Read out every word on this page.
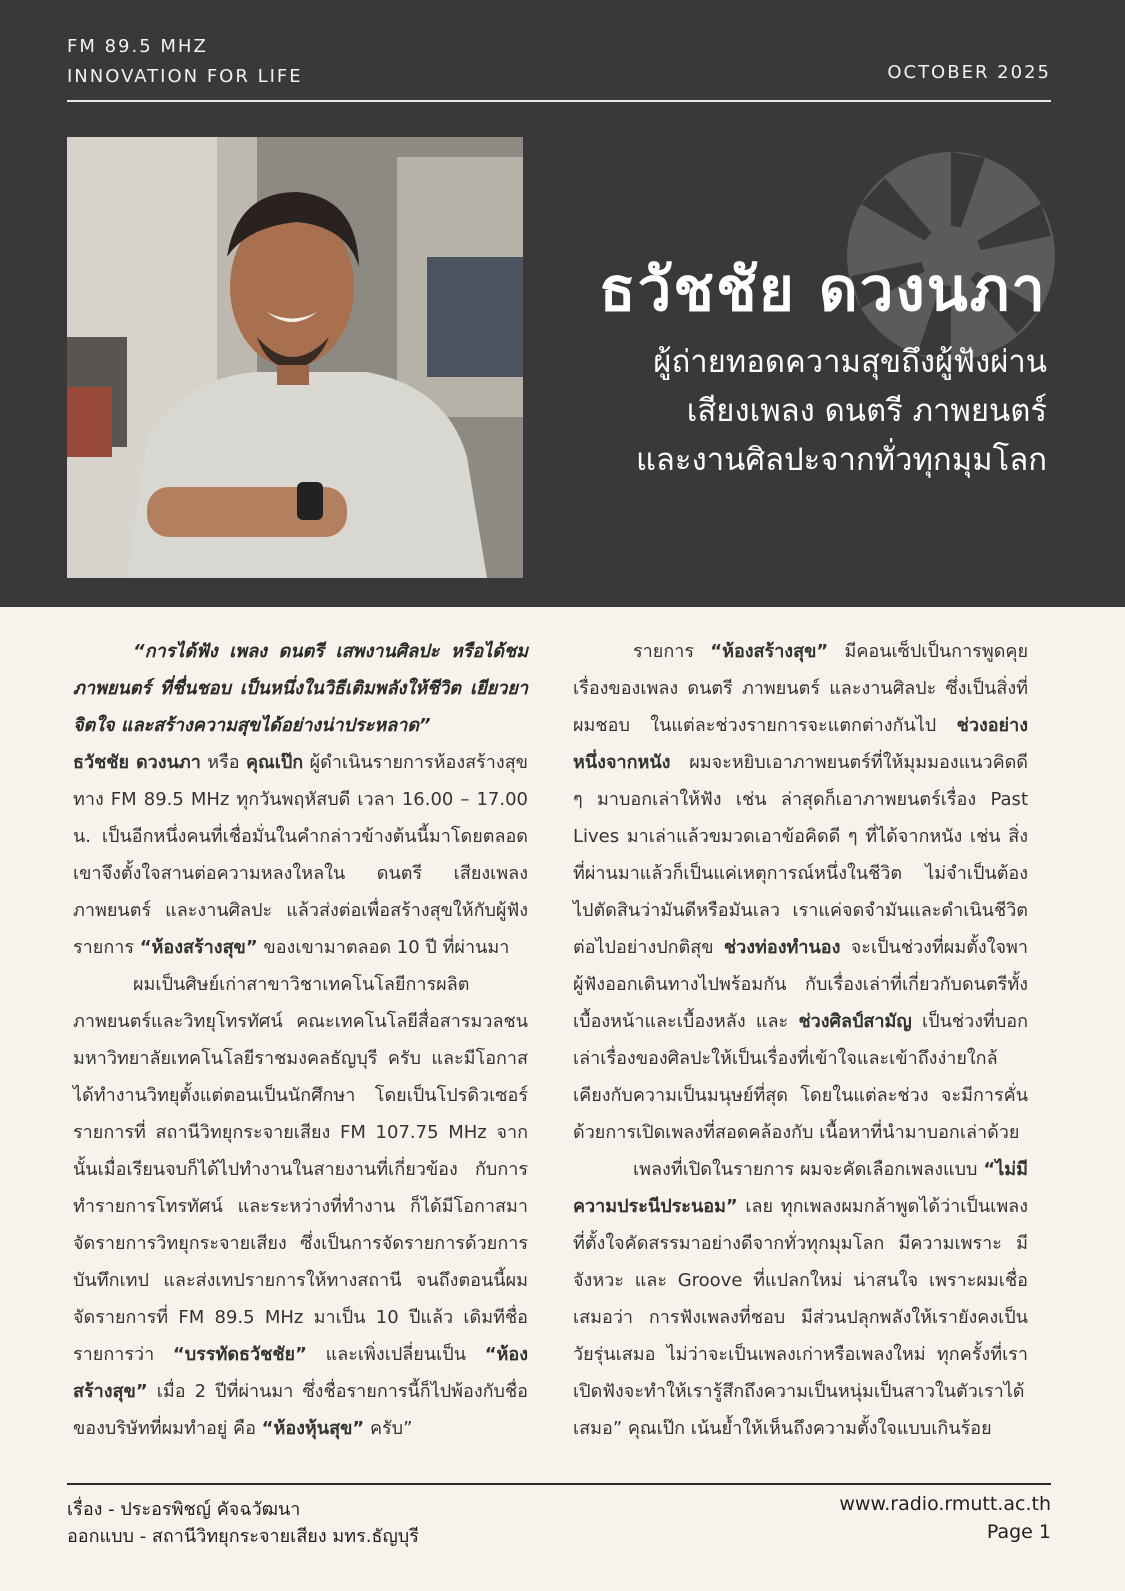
FM 89.5 MHZ
INNOVATION FOR LIFE	OCTOBER 2025
ธวัชชัย ดวงนภา
ผู้ถ่ายทอดความสุขถึงผู้ฟังผ่าน
เสียงเพลง ดนตรี ภาพยนตร์
และงานศิลปะจากทั่วทุกมุมโลก

“การได้ฟัง เพลง ดนตรี เสพงานศิลปะ หรือได้ชมภาพยนตร์ ที่ชื่นชอบ เป็นหนึ่งในวิธีเติมพลังให้ชีวิต เยียวยาจิตใจ และสร้างความสุขได้อย่างน่าประหลาด”

ธวัชชัย ดวงนภา หรือ คุณเป๊ก ผู้ดำเนินรายการห้องสร้างสุข ทาง FM 89.5 MHz ทุกวันพฤหัสบดี เวลา 16.00 – 17.00 น. เป็นอีกหนึ่งคนที่เชื่อมั่นในคำกล่าวข้างต้นนี้มาโดยตลอด เขาจึงตั้งใจสานต่อความหลงใหลใน ดนตรี เสียงเพลง ภาพยนตร์ และงานศิลปะ แล้วส่งต่อเพื่อสร้างสุขให้กับผู้ฟังรายการ “ห้องสร้างสุข” ของเขามาตลอด 10 ปี ที่ผ่านมา

ผมเป็นศิษย์เก่าสาขาวิชาเทคโนโลยีการผลิตภาพยนตร์และวิทยุโทรทัศน์ คณะเทคโนโลยีสื่อสารมวลชน มหาวิทยาลัยเทคโนโลยีราชมงคลธัญบุรี ครับ และมีโอกาสได้ทำงานวิทยุตั้งแต่ตอนเป็นนักศึกษา โดยเป็นโปรดิวเซอร์รายการที่ สถานีวิทยุกระจายเสียง FM 107.75 MHz จากนั้นเมื่อเรียนจบก็ได้ไปทำงานในสายงานที่เกี่ยวข้อง กับการทำรายการโทรทัศน์ และระหว่างที่ทำงาน ก็ได้มีโอกาสมาจัดรายการวิทยุกระจายเสียง ซึ่งเป็นการจัดรายการด้วยการบันทึกเทป และส่งเทปรายการให้ทางสถานี จนถึงตอนนี้ผมจัดรายการที่ FM 89.5 MHz มาเป็น 10 ปีแล้ว เดิมทีชื่อรายการว่า “บรรทัดธวัชชัย” และเพิ่งเปลี่ยนเป็น “ห้องสร้างสุข” เมื่อ 2 ปีที่ผ่านมา ซึ่งชื่อรายการนี้ก็ไปพ้องกับชื่อของบริษัทที่ผมทำอยู่ คือ “ห้องหุ้นสุข” ครับ”

รายการ “ห้องสร้างสุข” มีคอนเซ็ปเป็นการพูดคุยเรื่องของเพลง ดนตรี ภาพยนตร์ และงานศิลปะ ซึ่งเป็นสิ่งที่ผมชอบ ในแต่ละช่วงรายการจะแตกต่างกันไป ช่วงอย่างหนึ่งจากหนัง ผมจะหยิบเอาภาพยนตร์ที่ให้มุมมองแนวคิดดี ๆ มาบอกเล่าให้ฟัง เช่น ล่าสุดก็เอาภาพยนตร์เรื่อง Past Lives มาเล่าแล้วขมวดเอาข้อคิดดี ๆ ที่ได้จากหนัง เช่น สิ่งที่ผ่านมาแล้วก็เป็นแค่เหตุการณ์หนึ่งในชีวิต ไม่จำเป็นต้องไปตัดสินว่ามันดีหรือมันเลว เราแค่จดจำมันและดำเนินชีวิตต่อไปอย่างปกติสุข ช่วงท่องทำนอง จะเป็นช่วงที่ผมตั้งใจพาผู้ฟังออกเดินทางไปพร้อมกัน กับเรื่องเล่าที่เกี่ยวกับดนตรีทั้งเบื้องหน้าและเบื้องหลัง และ ช่วงศิลป์สามัญ เป็นช่วงที่บอกเล่าเรื่องของศิลปะให้เป็นเรื่องที่เข้าใจและเข้าถึงง่ายใกล้เคียงกับความเป็นมนุษย์ที่สุด โดยในแต่ละช่วง จะมีการคั่นด้วยการเปิดเพลงที่สอดคล้องกับ เนื้อหาที่นำมาบอกเล่าด้วย

เพลงที่เปิดในรายการ ผมจะคัดเลือกเพลงแบบ “ไม่มีความประนีประนอม” เลย ทุกเพลงผมกล้าพูดได้ว่าเป็นเพลงที่ตั้งใจคัดสรรมาอย่างดีจากทั่วทุกมุมโลก มีความเพราะ มีจังหวะ และ Groove ที่แปลกใหม่ น่าสนใจ เพราะผมเชื่อเสมอว่า การฟังเพลงที่ชอบ มีส่วนปลุกพลังให้เรายังคงเป็นวัยรุ่นเสมอ ไม่ว่าจะเป็นเพลงเก่าหรือเพลงใหม่ ทุกครั้งที่เราเปิดฟังจะทำให้เรารู้สึกถึงความเป็นหนุ่มเป็นสาวในตัวเราได้เสมอ” คุณเป๊ก เน้นย้ำให้เห็นถึงความตั้งใจแบบเกินร้อย

เรื่อง - ประอรพิชญ์ คัจฉวัฒนา
ออกแบบ - สถานีวิทยุกระจายเสียง มทร.ธัญบุรี
www.radio.rmutt.ac.th
Page 1
